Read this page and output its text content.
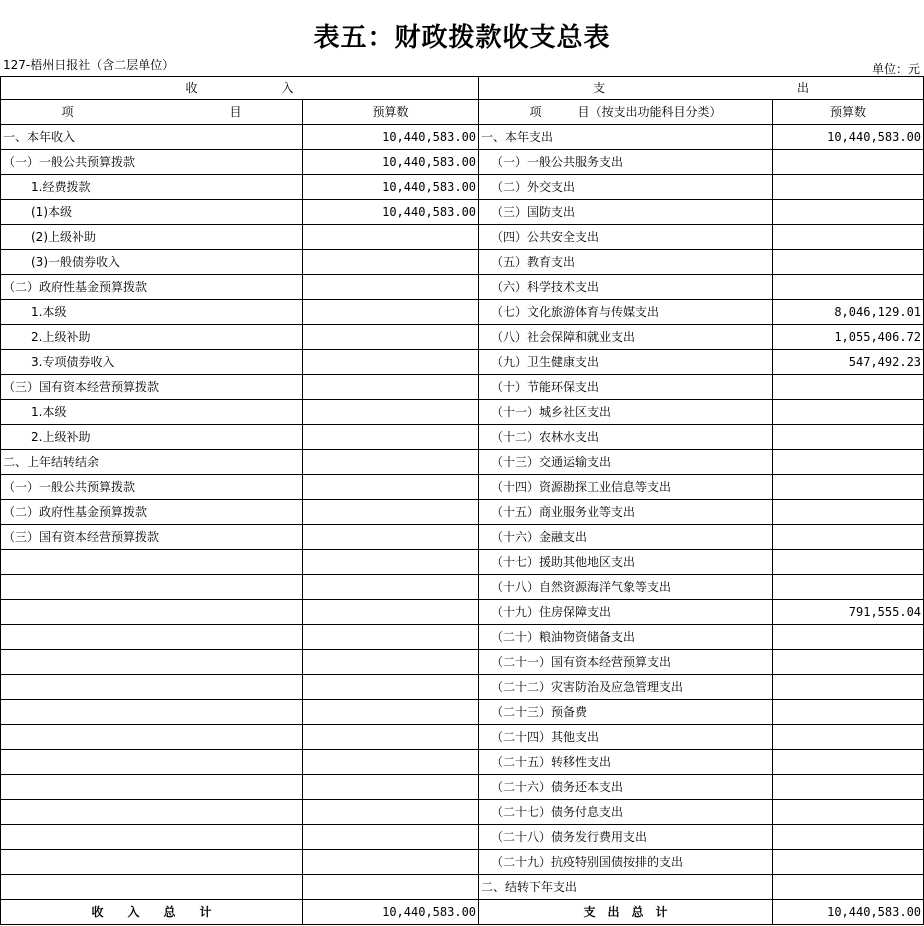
表五：财政拨款收支总表
127-梧州日报社（含二层单位）	单位：元
收　　　　　　　入		支　　　　　　　　　　　　　　　　出	
项　　　　　　　　　　　　　目	预算数	项　　　目（按支出功能科目分类）	预算数
一、本年收入	10,440,583.00	一、本年支出	10,440,583.00
（一）一般公共预算拨款	10,440,583.00	（一）一般公共服务支出	
1.经费拨款	10,440,583.00	（二）外交支出	
(1)本级	10,440,583.00	（三）国防支出	
(2)上级补助		（四）公共安全支出	
(3)一般债券收入		（五）教育支出	
（二）政府性基金预算拨款		（六）科学技术支出	
1.本级		（七）文化旅游体育与传媒支出	8,046,129.01
2.上级补助		（八）社会保障和就业支出	1,055,406.72
3.专项债券收入		（九）卫生健康支出	547,492.23
（三）国有资本经营预算拨款		（十）节能环保支出	
1.本级		（十一）城乡社区支出	
2.上级补助		（十二）农林水支出	
二、上年结转结余		（十三）交通运输支出	
（一）一般公共预算拨款		（十四）资源勘探工业信息等支出	
（二）政府性基金预算拨款		（十五）商业服务业等支出	
（三）国有资本经营预算拨款		（十六）金融支出	
		（十七）援助其他地区支出	
		（十八）自然资源海洋气象等支出	
		（十九）住房保障支出	791,555.04
		（二十）粮油物资储备支出	
		（二十一）国有资本经营预算支出	
		（二十二）灾害防治及应急管理支出	
		（二十三）预备费	
		（二十四）其他支出	
		（二十五）转移性支出	
		（二十六）债务还本支出	
		（二十七）债务付息支出	
		（二十八）债务发行费用支出	
		（二十九）抗疫特别国债按排的支出	
		二、结转下年支出	
收　　入　　总　　计	10,440,583.00	支　出　总　计	10,440,583.00
